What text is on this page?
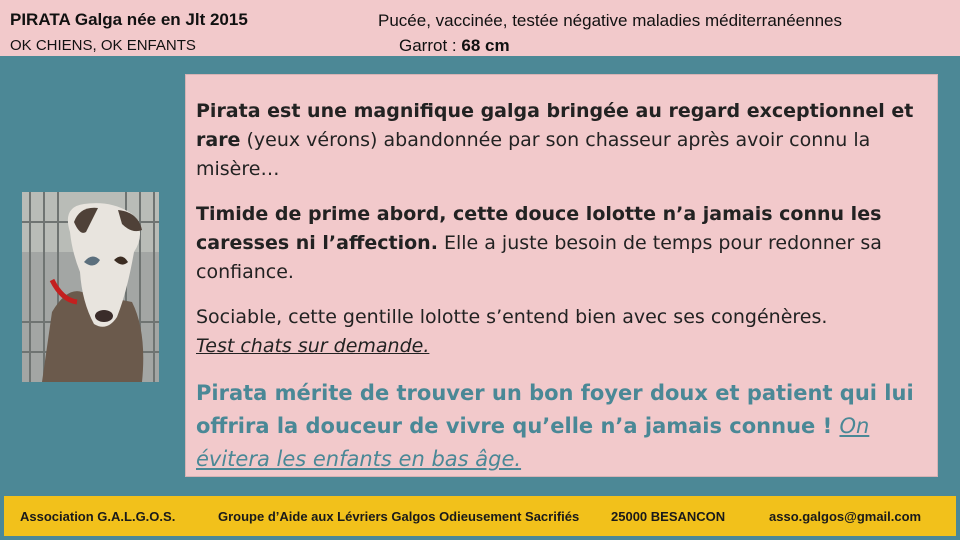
PIRATA Galga née en Jlt 2015
OK CHIENS, OK ENFANTS
Pucée, vaccinée, testée négative maladies méditerranéennes
Garrot : 68 cm
Pirata est une magnifique galga bringée au regard exceptionnel et rare (yeux vérons) abandonnée par son chasseur après avoir connu la misère…
Timide de prime abord, cette douce lolotte n’a jamais connu les caresses ni l’affection. Elle a juste besoin de temps pour redonner sa confiance.
Sociable, cette gentille lolotte s’entend bien avec ses congénères.
Test chats sur demande.
Pirata mérite de trouver un bon foyer doux et patient qui lui offrira la douceur de vivre qu’elle n’a jamais connue ! On évitera les enfants en bas âge.
Association G.A.L.G.O.S.	Groupe d’Aide aux Lévriers Galgos Odieusement Sacrifiés 25000 BESANCON	asso.galgos@gmail.com
